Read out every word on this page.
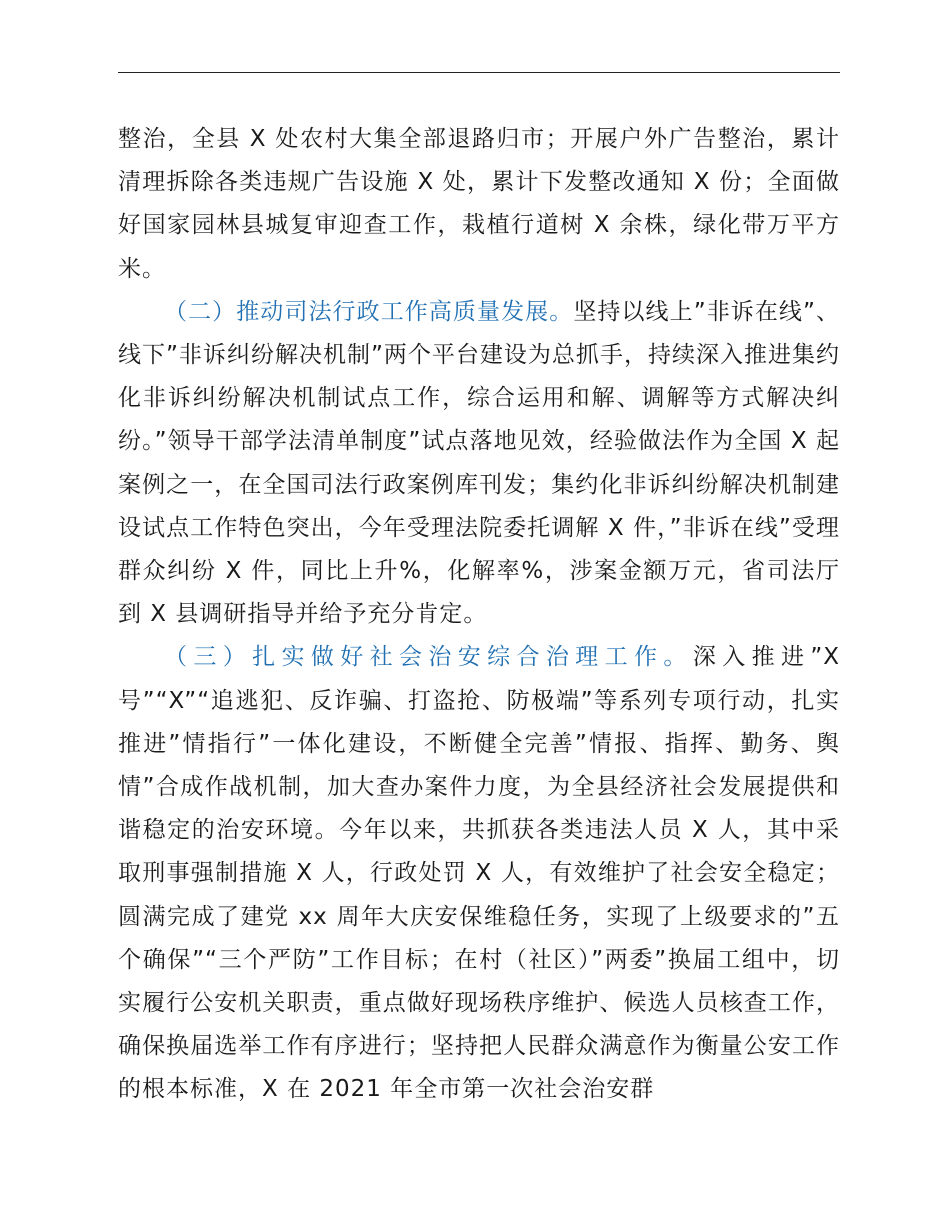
整治，全县 X 处农村大集全部退路归市；开展户外广告整治，累计清理拆除各类违规广告设施 X 处，累计下发整改通知 X 份；全面做好国家园林县城复审迎查工作，栽植行道树 X 余株，绿化带万平方米。

（二）推动司法行政工作高质量发展。坚持以线上”非诉在线”、线下”非诉纠纷解决机制”两个平台建设为总抓手，持续深入推进集约化非诉纠纷解决机制试点工作，综合运用和解、调解等方式解决纠纷。”领导干部学法清单制度”试点落地见效，经验做法作为全国 X 起案例之一，在全国司法行政案例库刊发；集约化非诉纠纷解决机制建设试点工作特色突出，今年受理法院委托调解 X 件，”非诉在线”受理群众纠纷 X 件，同比上升%，化解率%，涉案金额万元，省司法厅到 X 县调研指导并给予充分肯定。

（三）扎实做好社会治安综合治理工作。深入推进”X 号”“X”“追逃犯、反诈骗、打盗抢、防极端”等系列专项行动，扎实推进”情指行”一体化建设，不断健全完善”情报、指挥、勤务、舆情”合成作战机制，加大查办案件力度，为全县经济社会发展提供和谐稳定的治安环境。今年以来，共抓获各类违法人员 X 人，其中采取刑事强制措施 X 人，行政处罚 X 人，有效维护了社会安全稳定；圆满完成了建党 xx 周年大庆安保维稳任务，实现了上级要求的”五个确保”“三个严防”工作目标；在村（社区）”两委”换届工组中，切实履行公安机关职责，重点做好现场秩序维护、候选人员核查工作，确保换届选举工作有序进行；坚持把人民群众满意作为衡量公安工作的根本标准，X 在 2021 年全市第一次社会治安群
